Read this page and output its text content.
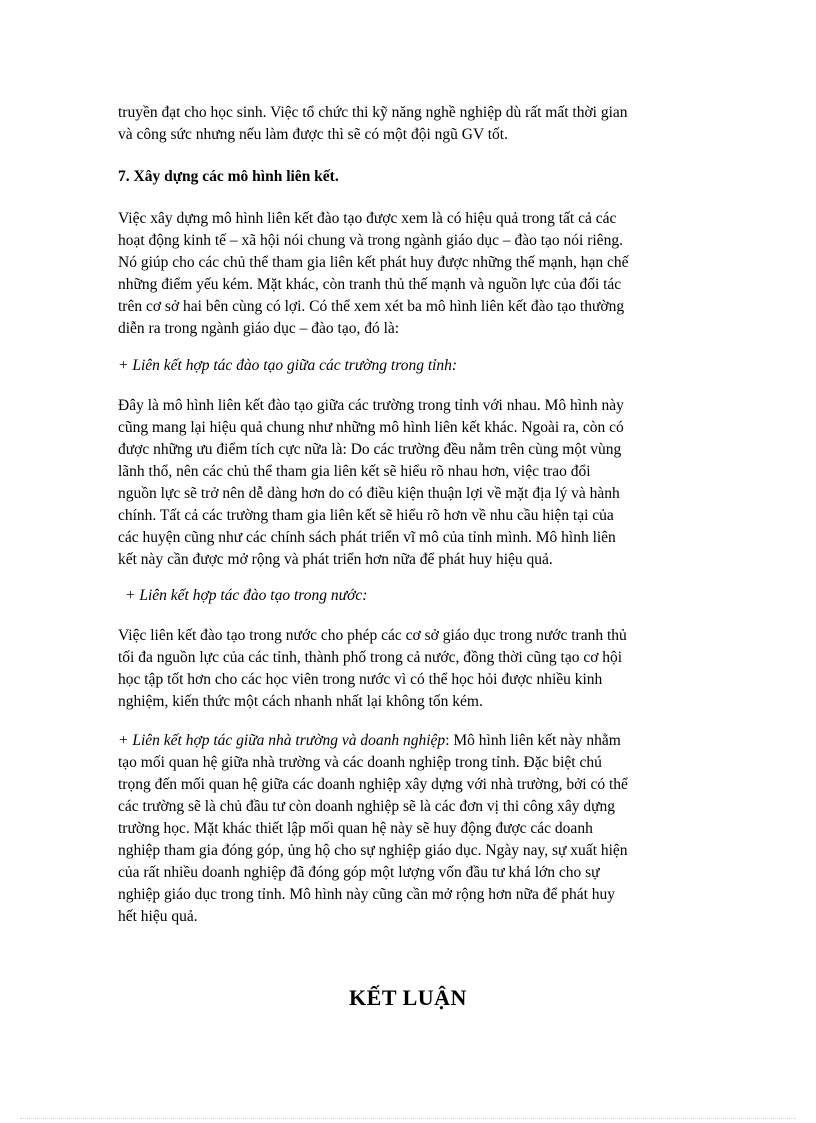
truyền đạt cho học sinh. Việc tổ chức thi kỹ năng nghề nghiệp dù rất mất thời gian
và công sức nhưng nếu làm được thì sẽ có một đội ngũ GV tốt.
7. Xây dựng các mô hình liên kết.
Việc xây dựng mô hình liên kết đào tạo được xem là có hiệu quả trong tất cả các
hoạt động kinh tế – xã hội nói chung và trong ngành giáo dục – đào tạo nói riêng.
Nó giúp cho các chủ thể tham gia liên kết phát huy được những thế mạnh, hạn chế
những điểm yếu kém. Mặt khác, còn tranh thủ thế mạnh và nguồn lực của đối tác
trên cơ sở hai bên cùng có lợi. Có thể xem xét ba mô hình liên kết đào tạo thường
diễn ra trong ngành giáo dục – đào tạo, đó là:
+ Liên kết hợp tác đào tạo giữa các trường trong tỉnh:
Đây là mô hình liên kết đào tạo giữa các trường trong tỉnh với nhau. Mô hình này
cũng mang lại hiệu quả chung như những mô hình liên kết khác. Ngoài ra, còn có
được những ưu điểm tích cực nữa là: Do các trường đều nằm trên cùng một vùng
lãnh thổ, nên các chủ thể tham gia liên kết sẽ hiểu rõ nhau hơn, việc trao đổi
nguồn lực sẽ trở nên dễ dàng hơn do có điều kiện thuận lợi về mặt địa lý và hành
chính. Tất cả các trường tham gia liên kết sẽ hiểu rõ hơn về nhu cầu hiện tại của
các huyện cũng như các chính sách phát triển vĩ mô của tỉnh mình. Mô hình liên
kết này cần được mở rộng và phát triển hơn nữa để phát huy hiệu quả.
+ Liên kết hợp tác đào tạo trong nước:
Việc liên kết đào tạo trong nước cho phép các cơ sở giáo dục trong nước tranh thủ
tối đa nguồn lực của các tỉnh, thành phố trong cả nước, đồng thời cũng tạo cơ hội
học tập tốt hơn cho các học viên trong nước vì có thể học hỏi được nhiều kinh
nghiệm, kiến thức một cách nhanh nhất lại không tốn kém.
+ Liên kết hợp tác giữa nhà trường và doanh nghiệp: Mô hình liên kết này nhằm
tạo mối quan hệ giữa nhà trường và các doanh nghiệp trong tỉnh. Đặc biệt chú
trọng đến mối quan hệ giữa các doanh nghiệp xây dựng với nhà trường, bởi có thể
các trường sẽ là chủ đầu tư còn doanh nghiệp sẽ là các đơn vị thi công xây dựng
trường học. Mặt khác thiết lập mối quan hệ này sẽ huy động được các doanh
nghiệp tham gia đóng góp, ủng hộ cho sự nghiệp giáo dục. Ngày nay, sự xuất hiện
của rất nhiều doanh nghiệp đã đóng góp một lượng vốn đầu tư khá lớn cho sự
nghiệp giáo dục trong tỉnh. Mô hình này cũng cần mở rộng hơn nữa để phát huy
hết hiệu quả.
KẾT LUẬN
